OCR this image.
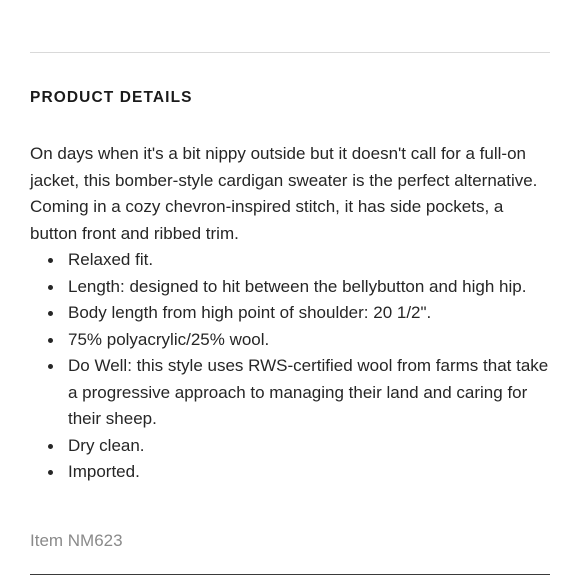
PRODUCT DETAILS

On days when it's a bit nippy outside but it doesn't call for a full-on jacket, this bomber-style cardigan sweater is the perfect alternative. Coming in a cozy chevron-inspired stitch, it has side pockets, a button front and ribbed trim.

Relaxed fit.
Length: designed to hit between the bellybutton and high hip.
Body length from high point of shoulder: 20 1/2".
75% polyacrylic/25% wool.
Do Well: this style uses RWS-certified wool from farms that take a progressive approach to managing their land and caring for their sheep.
Dry clean.
Imported.

Item NM623
